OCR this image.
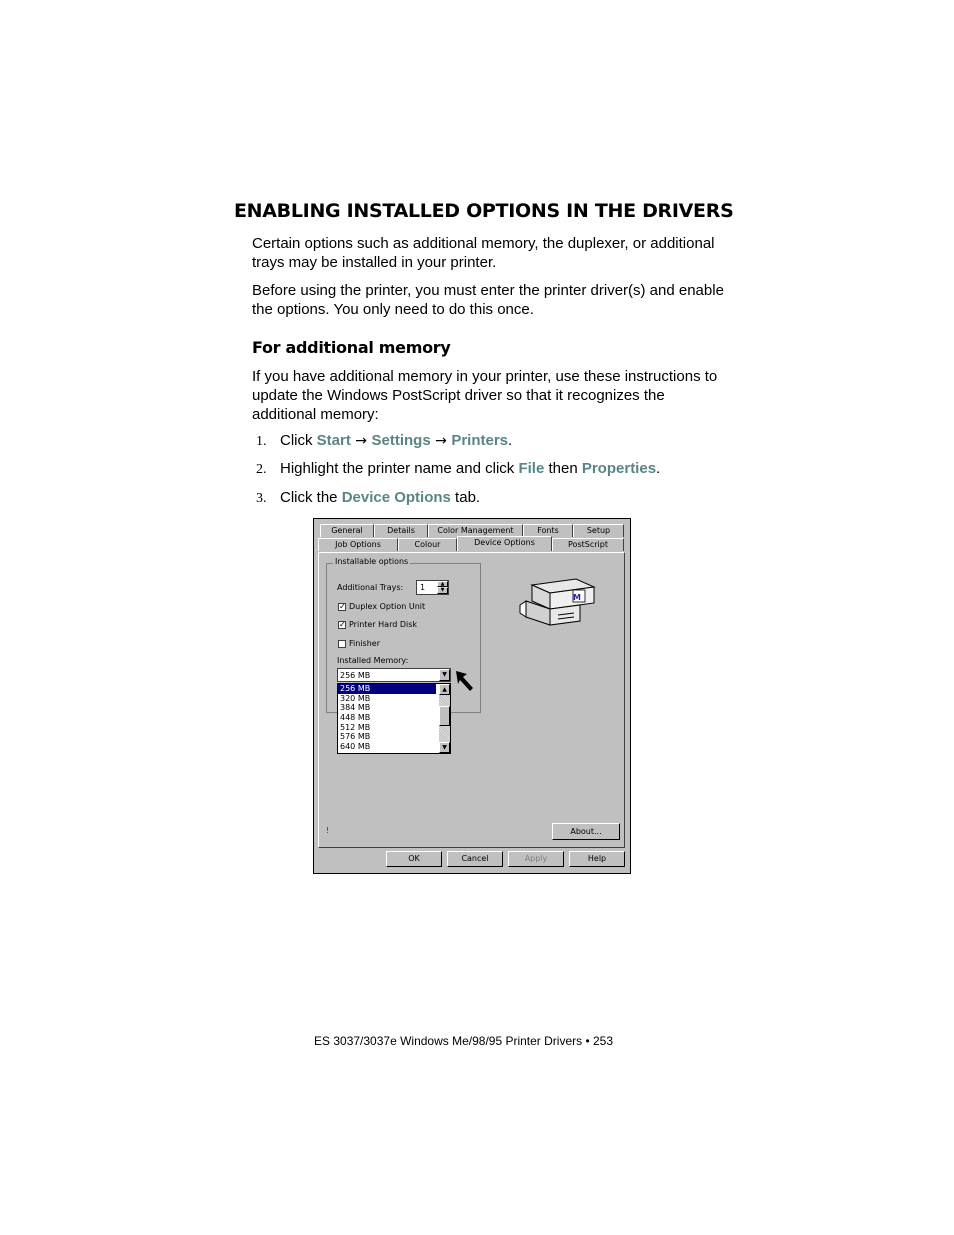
ENABLING INSTALLED OPTIONS IN THE DRIVERS

Certain options such as additional memory, the duplexer, or additional trays may be installed in your printer.

Before using the printer, you must enter the printer driver(s) and enable the options. You only need to do this once.

For additional memory

If you have additional memory in your printer, use these instructions to update the Windows PostScript driver so that it recognizes the additional memory:

1. Click Start → Settings → Printers.
2. Highlight the printer name and click File then Properties.
3. Click the Device Options tab.
General	Details	Color Management	Fonts	Setup
Job Options	Colour	Device Options	PostScript
Installable options
Additional Trays: 1	▲
▼
✓ Duplex Option Unit
✓ Printer Hard Disk
Finisher
Installed Memory:
256 MB	▼
256 MB
320 MB
384 MB
448 MB
512 MB
576 MB
640 MB
▲
▼
M
!	About...
OK	Cancel	Apply	Help
ES 3037/3037e Windows Me/98/95 Printer Drivers • 253
